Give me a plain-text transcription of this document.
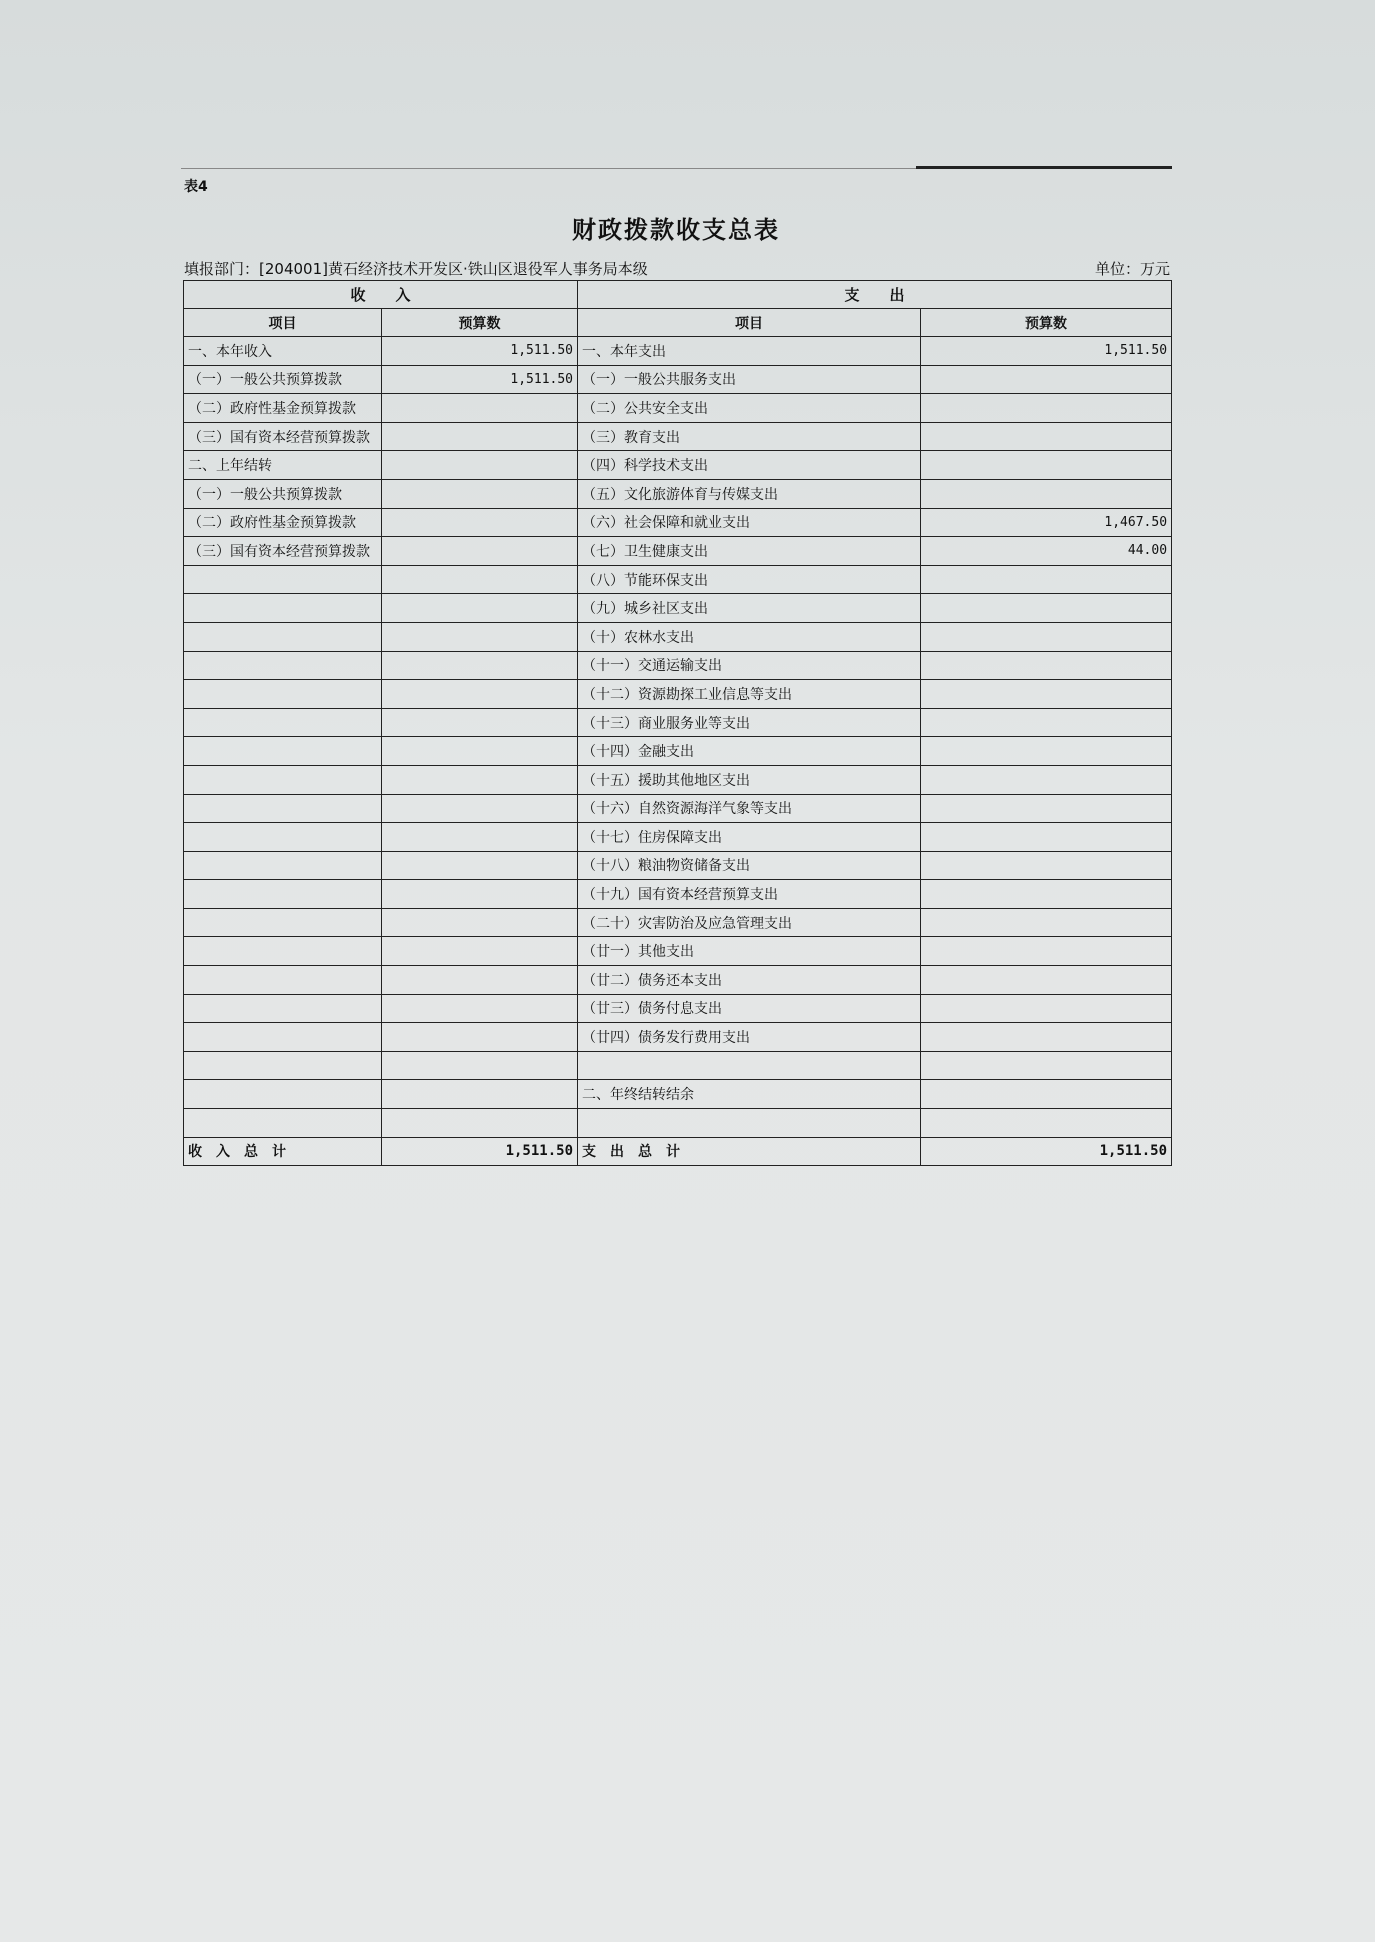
表4
财政拨款收支总表
填报部门：[204001]黄石经济技术开发区·铁山区退役军人事务局本级	单位：万元
收　　入		支　　出	
项目	预算数	项目	预算数
一、本年收入	1,511.50	一、本年支出	1,511.50
（一）一般公共预算拨款	1,511.50	（一）一般公共服务支出	
（二）政府性基金预算拨款		（二）公共安全支出	
（三）国有资本经营预算拨款		（三）教育支出	
二、上年结转		（四）科学技术支出	
（一）一般公共预算拨款		（五）文化旅游体育与传媒支出	
（二）政府性基金预算拨款		（六）社会保障和就业支出	1,467.50
（三）国有资本经营预算拨款		（七）卫生健康支出	44.00
		（八）节能环保支出	
		（九）城乡社区支出	
		（十）农林水支出	
		（十一）交通运输支出	
		（十二）资源勘探工业信息等支出	
		（十三）商业服务业等支出	
		（十四）金融支出	
		（十五）援助其他地区支出	
		（十六）自然资源海洋气象等支出	
		（十七）住房保障支出	
		（十八）粮油物资储备支出	
		（十九）国有资本经营预算支出	
		（二十）灾害防治及应急管理支出	
		（廿一）其他支出	
		（廿二）债务还本支出	
		（廿三）债务付息支出	
		（廿四）债务发行费用支出	

		二、年终结转结余	

收入总计	1,511.50	支出总计	1,511.50
